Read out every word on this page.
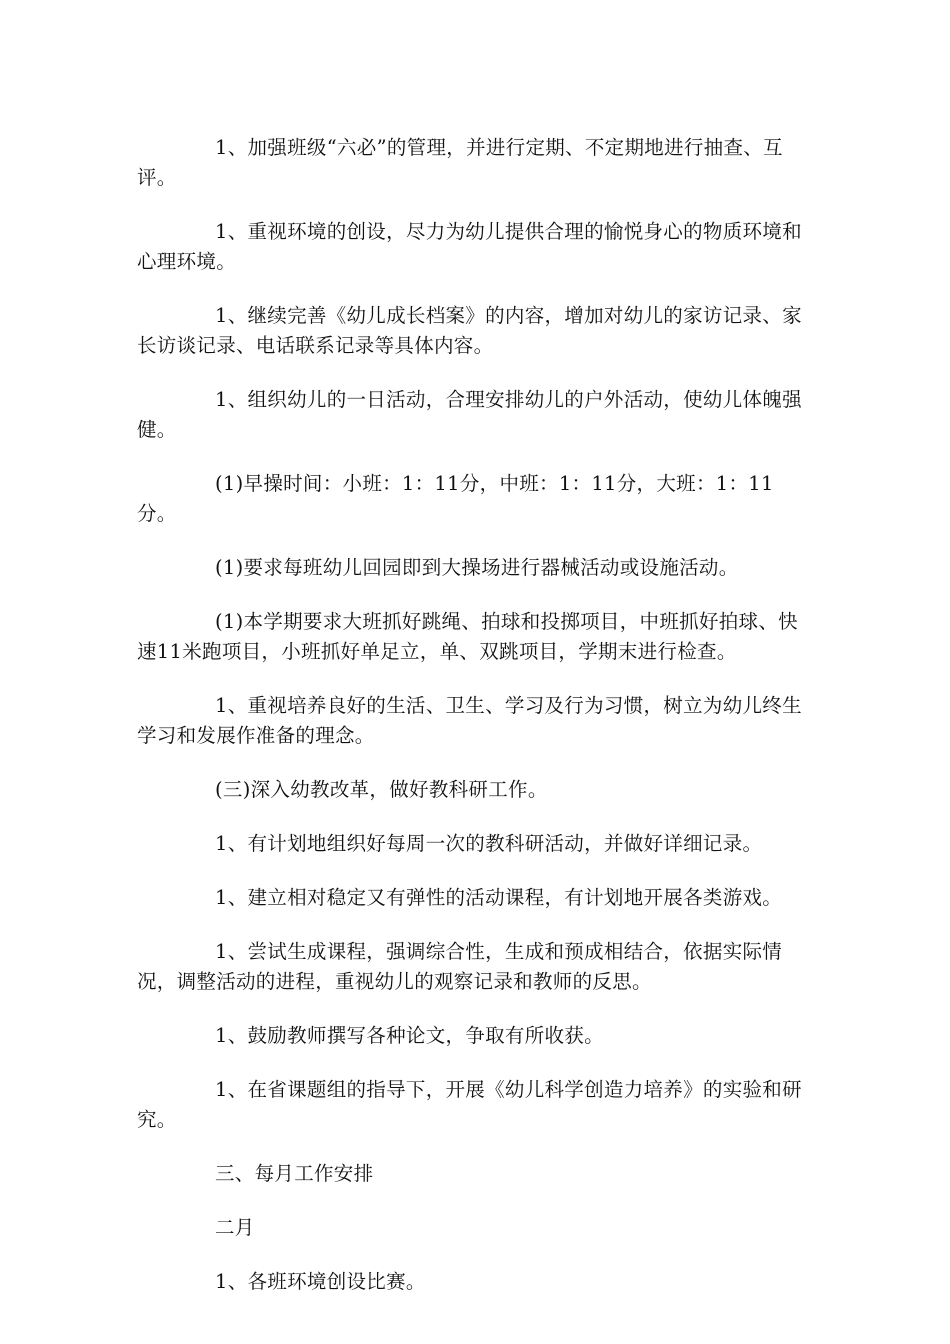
1、加强班级“六必”的管理，并进行定期、不定期地进行抽查、互评。

1、重视环境的创设，尽力为幼儿提供合理的愉悦身心的物质环境和心理环境。

1、继续完善《幼儿成长档案》的内容，增加对幼儿的家访记录、家长访谈记录、电话联系记录等具体内容。

1、组织幼儿的一日活动，合理安排幼儿的户外活动，使幼儿体魄强健。

(1)早操时间：小班：1：11分，中班：1：11分，大班：1：11分。

(1)要求每班幼儿回园即到大操场进行器械活动或设施活动。

(1)本学期要求大班抓好跳绳、拍球和投掷项目，中班抓好拍球、快速11米跑项目，小班抓好单足立，单、双跳项目，学期末进行检查。

1、重视培养良好的生活、卫生、学习及行为习惯，树立为幼儿终生学习和发展作准备的理念。

(三)深入幼教改革，做好教科研工作。

1、有计划地组织好每周一次的教科研活动，并做好详细记录。

1、建立相对稳定又有弹性的活动课程，有计划地开展各类游戏。

1、尝试生成课程，强调综合性，生成和预成相结合，依据实际情况，调整活动的进程，重视幼儿的观察记录和教师的反思。

1、鼓励教师撰写各种论文，争取有所收获。

1、在省课题组的指导下，开展《幼儿科学创造力培养》的实验和研究。

三、每月工作安排

二月

1、各班环境创设比赛。
